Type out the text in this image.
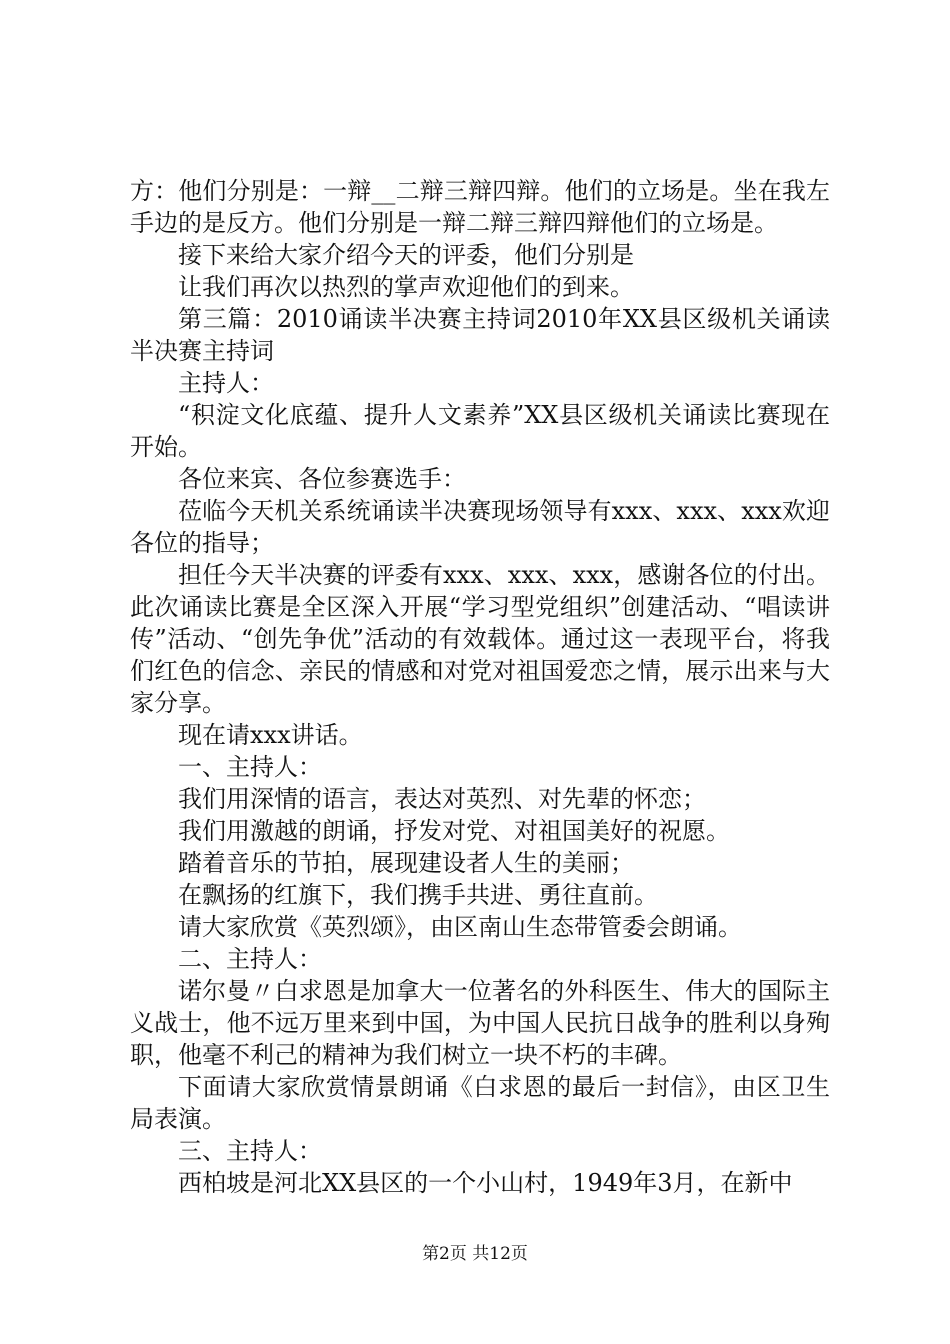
方：他们分别是：一辩__二辩三辩四辩。他们的立场是。坐在我左手边的是反方。他们分别是一辩二辩三辩四辩他们的立场是。

接下来给大家介绍今天的评委，他们分别是

让我们再次以热烈的掌声欢迎他们的到来。

第三篇：2010诵读半决赛主持词2010年XX县区级机关诵读半决赛主持词

主持人：

“积淀文化底蕴、提升人文素养”XX县区级机关诵读比赛现在开始。

各位来宾、各位参赛选手：

莅临今天机关系统诵读半决赛现场领导有xxx、xxx、xxx欢迎各位的指导；

担任今天半决赛的评委有xxx、xxx、xxx，感谢各位的付出。此次诵读比赛是全区深入开展“学习型党组织”创建活动、“唱读讲传”活动、“创先争优”活动的有效载体。通过这一表现平台，将我们红色的信念、亲民的情感和对党对祖国爱恋之情，展示出来与大家分享。

现在请xxx讲话。

一、主持人：

我们用深情的语言，表达对英烈、对先辈的怀恋；

我们用激越的朗诵，抒发对党、对祖国美好的祝愿。

踏着音乐的节拍，展现建设者人生的美丽；

在飘扬的红旗下，我们携手共进、勇往直前。

请大家欣赏《英烈颂》，由区南山生态带管委会朗诵。

二、主持人：

诺尔曼〃白求恩是加拿大一位著名的外科医生、伟大的国际主义战士，他不远万里来到中国，为中国人民抗日战争的胜利以身殉职，他毫不利己的精神为我们树立一块不朽的丰碑。

下面请大家欣赏情景朗诵《白求恩的最后一封信》，由区卫生局表演。

三、主持人：

西柏坡是河北XX县区的一个小山村，1949年3月，在新中

第2页 共12页
